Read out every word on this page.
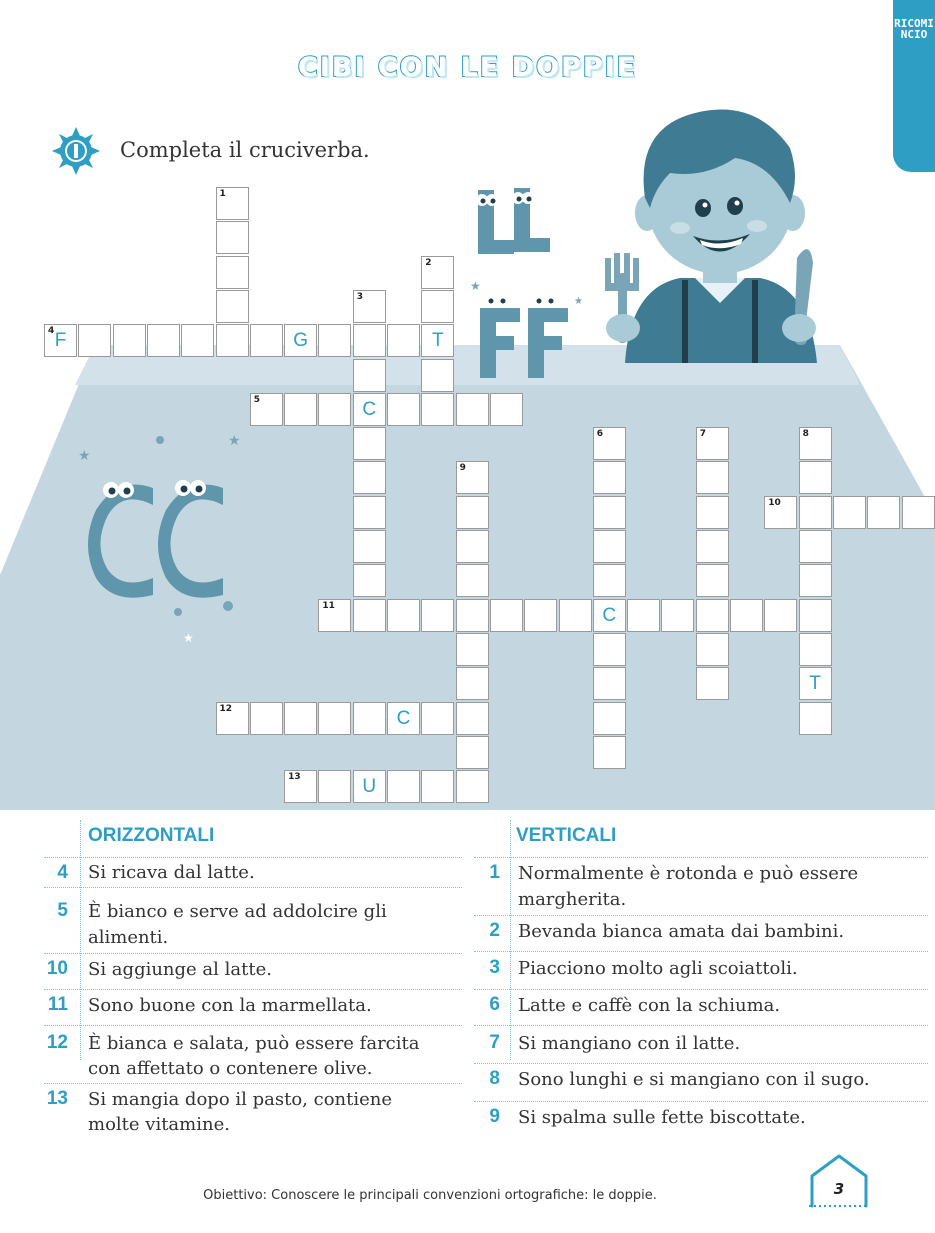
RICOMINCIO
CIBI CON LE DOPPIE
Completa il cruciverba.
★
★
★
★
★
1
2
T
3
C
4 F	G
5
6
C
7	8
T
9
10
11
12	C
13	U
ORIZZONTALI	VERTICALI
4 Si ricava dal latte.
5 È bianco e serve ad addolcire gli
alimenti.
10 Si aggiunge al latte.
11 Sono buone con la marmellata.
12 È bianca e salata, può essere farcita
con affettato o contenere olive.
13 Si mangia dopo il pasto, contiene
molte vitamine.
1 Normalmente è rotonda e può essere
margherita.
2 Bevanda bianca amata dai bambini.
3 Piacciono molto agli scoiattoli.
6 Latte e caffè con la schiuma.
7 Si mangiano con il latte.
8 Sono lunghi e si mangiano con il sugo.
9 Si spalma sulle fette biscottate.
Obiettivo: Conoscere le principali convenzioni ortografiche: le doppie.	3
